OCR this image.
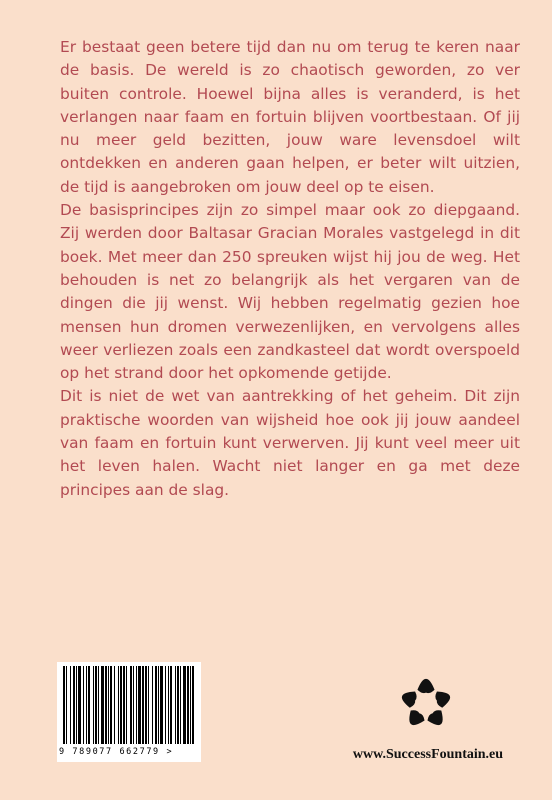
Er bestaat geen betere tijd dan nu om terug te keren naar de basis. De wereld is zo chaotisch geworden, zo ver buiten controle. Hoewel bijna alles is veranderd, is het verlangen naar faam en fortuin blijven voortbestaan. Of jij nu meer geld bezitten, jouw ware levensdoel wilt ontdekken en anderen gaan helpen, er beter wilt uitzien, de tijd is aangebroken om jouw deel op te eisen.

De basisprincipes zijn zo simpel maar ook zo diepgaand. Zij werden door Baltasar Gracian Morales vastgelegd in dit boek. Met meer dan 250 spreuken wijst hij jou de weg. Het behouden is net zo belangrijk als het vergaren van de dingen die jij wenst. Wij hebben regelmatig gezien hoe mensen hun dromen verwezenlijken, en vervolgens alles weer verliezen zoals een zandkasteel dat wordt overspoeld op het strand door het opkomende getijde.

Dit is niet de wet van aantrekking of het geheim. Dit zijn praktische woorden van wijsheid hoe ook jij jouw aandeel van faam en fortuin kunt verwerven. Jij kunt veel meer uit het leven halen. Wacht niet langer en ga met deze principes aan de slag.

9 789077 662779 >	www.SuccessFountain.eu
